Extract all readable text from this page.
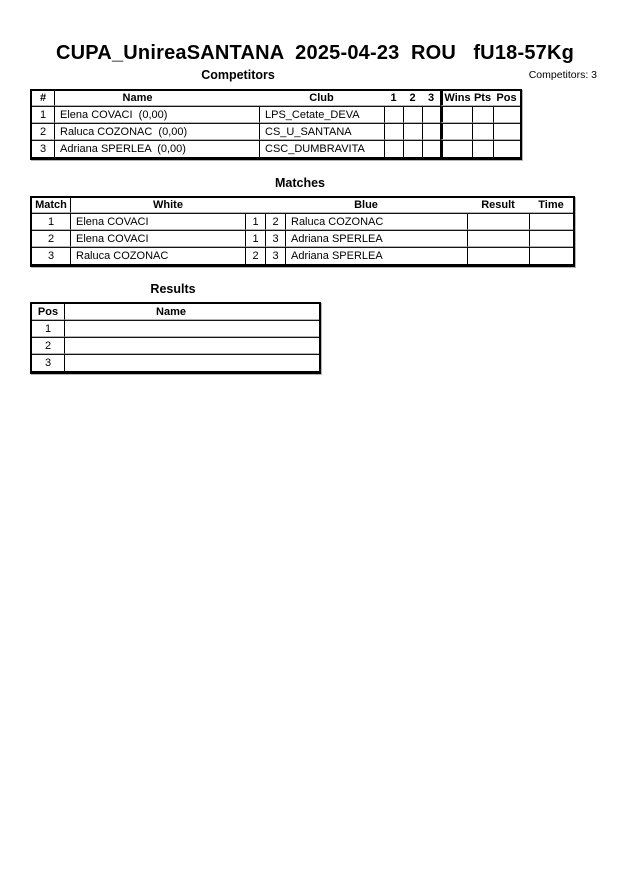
CUPA_UnireaSANTANA  2025-04-23  ROU   fU18-57Kg
Competitors	Competitors: 3
#	Name	Club	1	2	3 Wins Pts Pos
1	Elena COVACI  (0,00)	LPS_Cetate_DEVA
2	Raluca COZONAC  (0,00)	CS_U_SANTANA
3	Adriana SPERLEA  (0,00)	CSC_DUMBRAVITA
Matches
Match	White	Blue	Result	Time
1	Elena COVACI	1	2	Raluca COZONAC
2	Elena COVACI	1	3	Adriana SPERLEA
3	Raluca COZONAC	2	3	Adriana SPERLEA
Results
Pos	Name
1
2
3
